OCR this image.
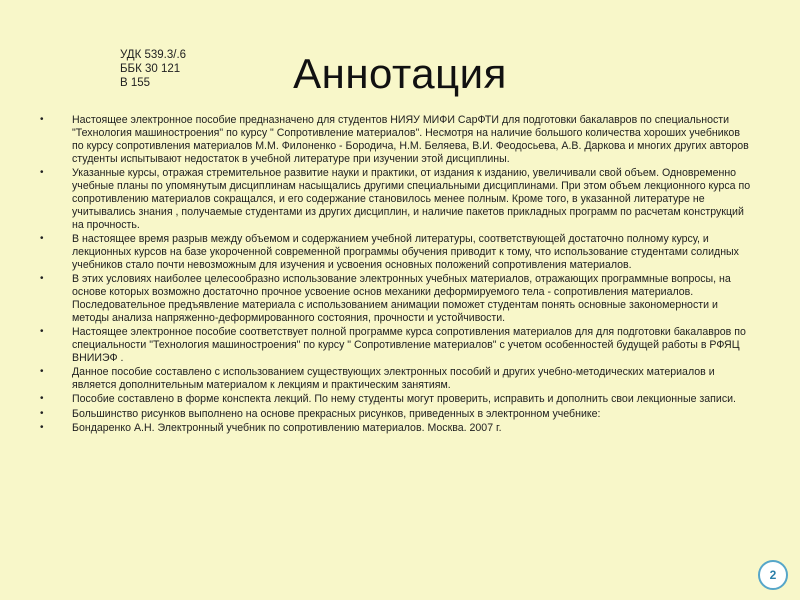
УДК 539.3/.6
ББК 30 121
В 155	Аннотация
•	Настоящее электронное пособие предназначено для студентов НИЯУ МИФИ СарФТИ для подготовки бакалавров по специальности "Технология машиностроения" по курсу " Сопротивление материалов". Несмотря на наличие большого количества хороших учебников по курсу сопротивления материалов М.М. Филоненко - Бородича, Н.М. Беляева, В.И. Феодосьева, А.В. Даркова и многих других авторов студенты испытывают недостаток в учебной литературе при изучении этой дисциплины.
•	Указанные курсы, отражая стремительное развитие науки и практики, от издания к изданию, увеличивали свой объем. Одновременно учебные планы по упомянутым дисциплинам насыщались другими специальными дисциплинами. При этом объем лекционного курса по сопротивлению материалов сокращался, и его содержание становилось менее полным. Кроме того, в указанной литературе не учитывались знания , получаемые студентами из других дисциплин, и наличие пакетов прикладных программ по расчетам конструкций на прочность.
•	В настоящее время разрыв между объемом и содержанием учебной литературы, соответствующей достаточно полному курсу, и лекционных курсов на базе укороченной современной программы обучения приводит к тому, что использование студентами солидных учебников стало почти невозможным для изучения и усвоения основных положений сопротивления материалов.
•	В этих условиях наиболее целесообразно использование электронных учебных материалов, отражающих программные вопросы, на основе которых возможно достаточно прочное усвоение основ механики деформируемого тела - сопротивления материалов. Последовательное предъявление материала с использованием анимации поможет студентам понять основные закономерности и методы анализа напряженно-деформированного состояния, прочности и устойчивости.
•	Настоящее электронное пособие соответствует полной программе курса сопротивления материалов для для подготовки бакалавров по специальности "Технология машиностроения" по курсу " Сопротивление материалов" с учетом особенностей будущей работы в РФЯЦ ВНИИЭФ .
•	Данное пособие составлено с использованием существующих электронных пособий и других учебно-методических материалов и является дополнительным материалом к лекциям и практическим занятиям.
•	Пособие составлено в форме конспекта лекций. По нему студенты могут проверить, исправить и дополнить свои лекционные записи.
•	Большинство рисунков выполнено на основе прекрасных рисунков, приведенных в электронном учебнике:
•	Бондаренко А.Н. Электронный учебник по сопротивлению материалов. Москва. 2007 г.
2
